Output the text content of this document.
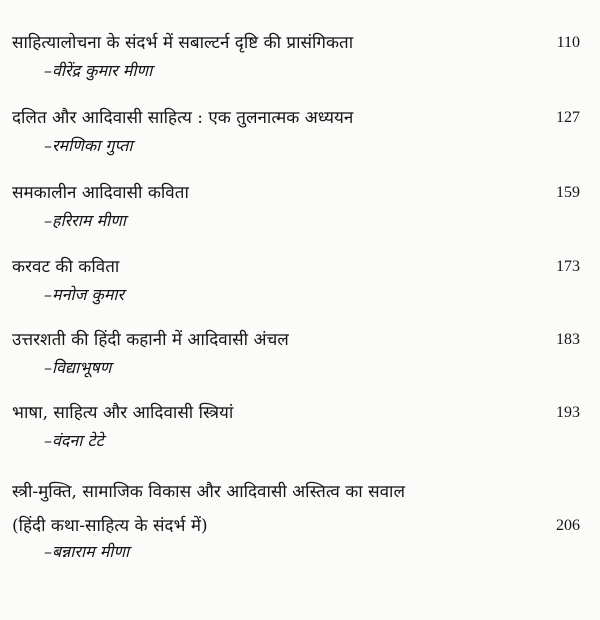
साहित्यालोचना के संदर्भ में सबाल्टर्न दृष्टि की प्रासंगिकता	110
–वीरेंद्र कुमार मीणा
दलित और आदिवासी साहित्य : एक तुलनात्मक अध्ययन	127
–रमणिका गुप्ता
समकालीन आदिवासी कविता	159
–हरिराम मीणा
करवट की कविता	173
–मनोज कुमार
उत्तरशती की हिंदी कहानी में आदिवासी अंचल	183
–विद्याभूषण
भाषा, साहित्य और आदिवासी स्त्रियां	193
–वंदना टेटे
स्त्री-मुक्ति, सामाजिक विकास और आदिवासी अस्तित्व का सवाल
(हिंदी कथा-साहित्य के संदर्भ में)	206
–बन्नाराम मीणा
